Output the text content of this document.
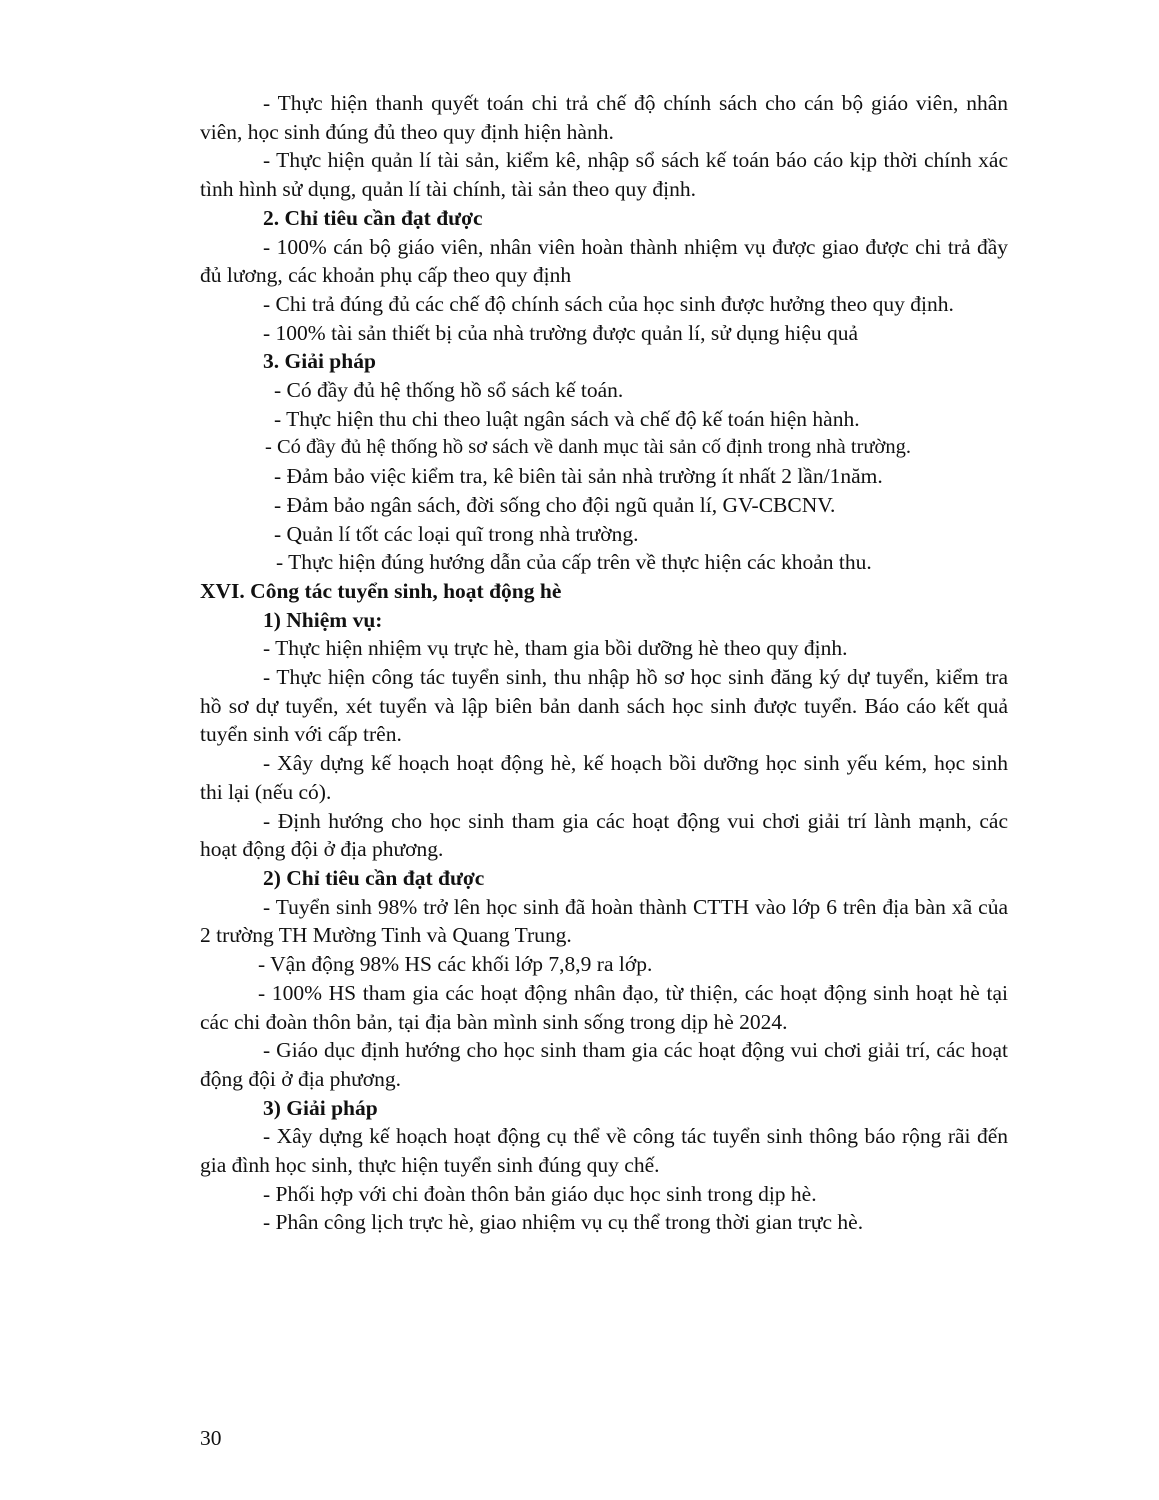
- Thực hiện thanh quyết toán chi trả chế độ chính sách cho cán bộ giáo viên, nhân viên, học sinh đúng đủ theo quy định hiện hành.

- Thực hiện quản lí tài sản, kiểm kê, nhập sổ sách kế toán báo cáo kịp thời chính xác tình hình sử dụng, quản lí tài chính, tài sản theo quy định.

2. Chỉ tiêu cần đạt được

- 100% cán bộ giáo viên, nhân viên hoàn thành nhiệm vụ được giao được chi trả đầy đủ lương, các khoản phụ cấp theo quy định

- Chi trả đúng đủ các chế độ chính sách của học sinh được hưởng theo quy định.

- 100% tài sản thiết bị của nhà trường được quản lí, sử dụng hiệu quả

3. Giải pháp

- Có đầy đủ hệ thống hồ sổ sách kế toán.

- Thực hiện thu chi theo luật ngân sách và chế độ kế toán hiện hành.

- Có đầy đủ hệ thống hồ sơ sách về danh mục tài sản cố định trong nhà trường.

- Đảm bảo việc kiểm tra, kê biên tài sản nhà trường ít nhất 2 lần/1năm.

- Đảm bảo ngân sách, đời sống cho đội ngũ quản lí, GV-CBCNV.

- Quản lí tốt các loại quĩ trong nhà trường.

- Thực hiện đúng hướng dẫn của cấp trên về thực hiện các khoản thu.

XVI. Công tác tuyển sinh, hoạt động hè

1) Nhiệm vụ:

- Thực hiện nhiệm vụ trực hè, tham gia bồi dưỡng hè theo quy định.

- Thực hiện công tác tuyển sinh, thu nhập hồ sơ học sinh đăng ký dự tuyển, kiểm tra hồ sơ dự tuyển, xét tuyển và lập biên bản danh sách học sinh được tuyển. Báo cáo kết quả tuyển sinh với cấp trên.

- Xây dựng kế hoạch hoạt động hè, kế hoạch bồi dưỡng học sinh yếu kém, học sinh thi lại (nếu có).

- Định hướng cho học sinh tham gia các hoạt động vui chơi giải trí lành mạnh, các hoạt động đội ở địa phương.

2) Chỉ tiêu cần đạt được

- Tuyển sinh 98% trở lên học sinh đã hoàn thành CTTH vào lớp 6 trên địa bàn xã của 2 trường TH Mường Tinh và Quang Trung.

- Vận động 98% HS các khối lớp 7,8,9 ra lớp.

- 100% HS tham gia các hoạt động nhân đạo, từ thiện, các hoạt động sinh hoạt hè tại các chi đoàn thôn bản, tại địa bàn mình sinh sống trong dịp hè 2024.

- Giáo dục định hướng cho học sinh tham gia các hoạt động vui chơi giải trí, các hoạt động đội ở địa phương.

3) Giải pháp

- Xây dựng kế hoạch hoạt động cụ thể về công tác tuyển sinh thông báo rộng rãi đến gia đình học sinh, thực hiện tuyển sinh đúng quy chế.

- Phối hợp với chi đoàn thôn bản giáo dục học sinh trong dịp hè.

- Phân công lịch trực hè, giao nhiệm vụ cụ thể trong thời gian trực hè.

30
